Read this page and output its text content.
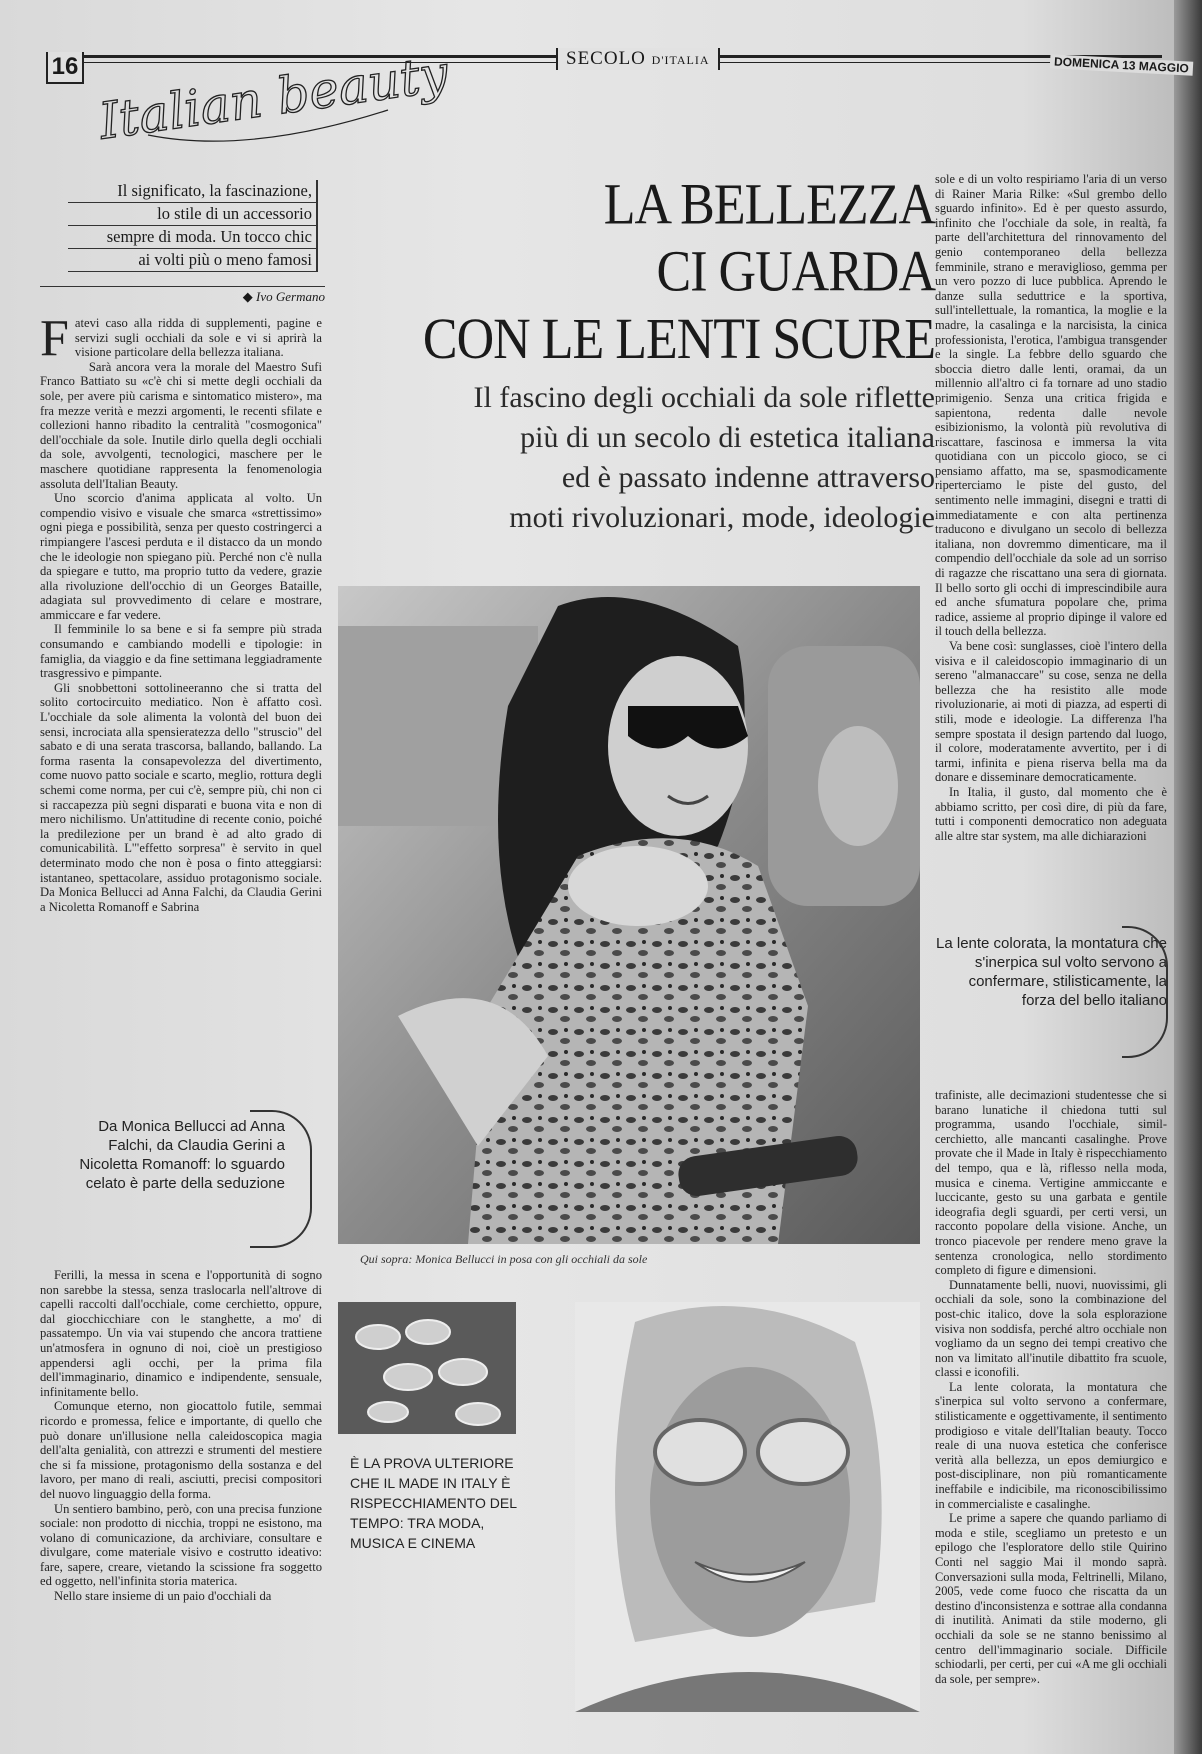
16 Italian beauty	SECOLO D'ITALIA	DOMENICA 13 MAGGIO
Il significato, la fascinazione,
lo stile di un accessorio
sempre di moda. Un tocco chic
ai volti più o meno famosi
◆ Ivo Germano

Fatevi caso alla ridda di supplementi, pagine e servizi sugli occhiali da sole e vi si aprirà la visione particolare della bellezza italiana.

Sarà ancora vera la morale del Maestro Sufi Franco Battiato su «c'è chi si mette degli occhiali da sole, per avere più carisma e sintomatico mistero», ma fra mezze verità e mezzi argomenti, le recenti sfilate e collezioni hanno ribadito la centralità "cosmogonica" dell'occhiale da sole. Inutile dirlo quella degli occhiali da sole, avvolgenti, tecnologici, maschere per le maschere quotidiane rappresenta la fenomenologia assoluta dell'Italian Beauty.

Uno scorcio d'anima applicata al volto. Un compendio visivo e visuale che smarca «strettissimo» ogni piega e possibilità, senza per questo costringerci a rimpiangere l'ascesi perduta e il distacco da un mondo che le ideologie non spiegano più. Perché non c'è nulla da spiegare e tutto, ma proprio tutto da vedere, grazie alla rivoluzione dell'occhio di un Georges Bataille, adagiata sul provvedimento di celare e mostrare, ammiccare e far vedere.

Il femminile lo sa bene e si fa sempre più strada consumando e cambiando modelli e tipologie: in famiglia, da viaggio e da fine settimana leggiadramente trasgressivo e pimpante.

Gli snobbettoni sottolineeranno che si tratta del solito cortocircuito mediatico. Non è affatto così. L'occhiale da sole alimenta la volontà del buon dei sensi, incrociata alla spensieratezza dello "struscio" del sabato e di una serata trascorsa, ballando, ballando. La forma rasenta la consapevolezza del divertimento, come nuovo patto sociale e scarto, meglio, rottura degli schemi come norma, per cui c'è, sempre più, chi non ci si raccapezza più segni disparati e buona vita e non di mero nichilismo. Un'attitudine di recente conio, poiché la predilezione per un brand è ad alto grado di comunicabilità. L'"effetto sorpresa" è servito in quel determinato modo che non è posa o finto atteggiarsi: istantaneo, spettacolare, assiduo protagonismo sociale. Da Monica Bellucci ad Anna Falchi, da Claudia Gerini a Nicoletta Romanoff e Sabrina

Da Monica Bellucci ad Anna Falchi, da Claudia Gerini a Nicoletta Romanoff: lo sguardo celato è parte della seduzione

Ferilli, la messa in scena e l'opportunità di sogno non sarebbe la stessa, senza traslocarla nell'altrove di capelli raccolti dall'occhiale, come cerchietto, oppure, dal giocchicchiare con le stanghette, a mo' di passatempo. Un via vai stupendo che ancora trattiene un'atmosfera in ognuno di noi, cioè un prestigioso appendersi agli occhi, per la prima fila dell'immaginario, dinamico e indipendente, sensuale, infinitamente bello.

Comunque eterno, non giocattolo futile, semmai ricordo e promessa, felice e importante, di quello che può donare un'illusione nella caleidoscopica magia dell'alta genialità, con attrezzi e strumenti del mestiere che si fa missione, protagonismo della sostanza e del lavoro, per mano di reali, asciutti, precisi compositori del nuovo linguaggio della forma.

Un sentiero bambino, però, con una precisa funzione sociale: non prodotto di nicchia, troppi ne esistono, ma volano di comunicazione, da archiviare, consultare e divulgare, come materiale visivo e costrutto ideativo: fare, sapere, creare, vietando la scissione fra soggetto ed oggetto, nell'infinita storia materica.

Nello stare insieme di un paio d'occhiali da

LA BELLEZZA
CI GUARDA
CON LE LENTI SCURE
Il fascino degli occhiali da sole riflette
più di un secolo di estetica italiana
ed è passato indenne attraverso
moti rivoluzionari, mode, ideologie
Qui sopra: Monica Bellucci in posa con gli occhiali da sole
È LA PROVA ULTERIORE CHE IL MADE IN ITALY È RISPECCHIAMENTO DEL TEMPO: TRA MODA, MUSICA E CINEMA

sole e di un volto respiriamo l'aria di un verso di Rainer Maria Rilke: «Sul grembo dello sguardo infinito». Ed è per questo assurdo, infinito che l'occhiale da sole, in realtà, fa parte dell'architettura del rinnovamento del genio contemporaneo della bellezza femminile, strano e meraviglioso, gemma per un vero pozzo di luce pubblica. Aprendo le danze sulla seduttrice e la sportiva, sull'intellettuale, la romantica, la moglie e la madre, la casalinga e la narcisista, la cinica professionista, l'erotica, l'ambigua transgender e la single. La febbre dello sguardo che sboccia dietro dalle lenti, oramai, da un millennio all'altro ci fa tornare ad uno stadio primigenio. Senza una critica frigida e sapientona, redenta dalle nevole esibizionismo, la volontà più revolutiva di riscattare, fascinosa e immersa la vita quotidiana con un piccolo gioco, se ci pensiamo affatto, ma se, spasmodicamente riperterciamo le piste del gusto, del sentimento nelle immagini, disegni e tratti di immediatamente e con alta pertinenza traducono e divulgano un secolo di bellezza italiana, non dovremmo dimenticare, ma il compendio dell'occhiale da sole ad un sorriso di ragazze che riscattano una sera di giornata. Il bello sorto gli occhi di imprescindibile aura ed anche sfumatura popolare che, prima radice, assieme al proprio dipinge il valore ed il touch della bellezza.

Va bene così: sunglasses, cioè l'intero della visiva e il caleidoscopio immaginario di un sereno "almanaccare" su cose, senza ne della bellezza che ha resistito alle mode rivoluzionarie, ai moti di piazza, ad esperti di stili, mode e ideologie. La differenza l'ha sempre spostata il design partendo dal luogo, il colore, moderatamente avvertito, per i di tarmi, infinita e piena riserva bella ma da donare e disseminare democraticamente.

In Italia, il gusto, dal momento che è abbiamo scritto, per così dire, di più da fare, tutti i componenti democratico non adeguata alle altre star system, ma alle dichiarazioni

La lente colorata, la montatura che s'inerpica sul volto servono a confermare, stilisticamente, la forza del bello italiano

trafiniste, alle decimazioni studentesse che si barano lunatiche il chiedona tutti sul programma, usando l'occhiale, simil-cerchietto, alle mancanti casalinghe. Prove provate che il Made in Italy è rispecchiamento del tempo, qua e là, riflesso nella moda, musica e cinema. Vertigine ammiccante e luccicante, gesto su una garbata e gentile ideografia degli sguardi, per certi versi, un racconto popolare della visione. Anche, un tronco piacevole per rendere meno grave la sentenza cronologica, nello stordimento completo di figure e dimensioni.

Dunnatamente belli, nuovi, nuovissimi, gli occhiali da sole, sono la combinazione del post-chic italico, dove la sola esplorazione visiva non soddisfa, perché altro occhiale non vogliamo da un segno dei tempi creativo che non va limitato all'inutile dibattito fra scuole, classi e iconofili.

La lente colorata, la montatura che s'inerpica sul volto servono a confermare, stilisticamente e oggettivamente, il sentimento prodigioso e vitale dell'Italian beauty. Tocco reale di una nuova estetica che conferisce verità alla bellezza, un epos demiurgico e post-disciplinare, non più romanticamente ineffabile e indicibile, ma riconoscibilissimo in commercialiste e casalinghe.

Le prime a sapere che quando parliamo di moda e stile, scegliamo un pretesto e un epilogo che l'esploratore dello stile Quirino Conti nel saggio Mai il mondo saprà. Conversazioni sulla moda, Feltrinelli, Milano, 2005, vede come fuoco che riscatta da un destino d'inconsistenza e sottrae alla condanna di inutilità. Animati da stile moderno, gli occhiali da sole se ne stanno benissimo al centro dell'immaginario sociale. Difficile schiodarli, per certi, per cui «A me gli occhiali da sole, per sempre».
